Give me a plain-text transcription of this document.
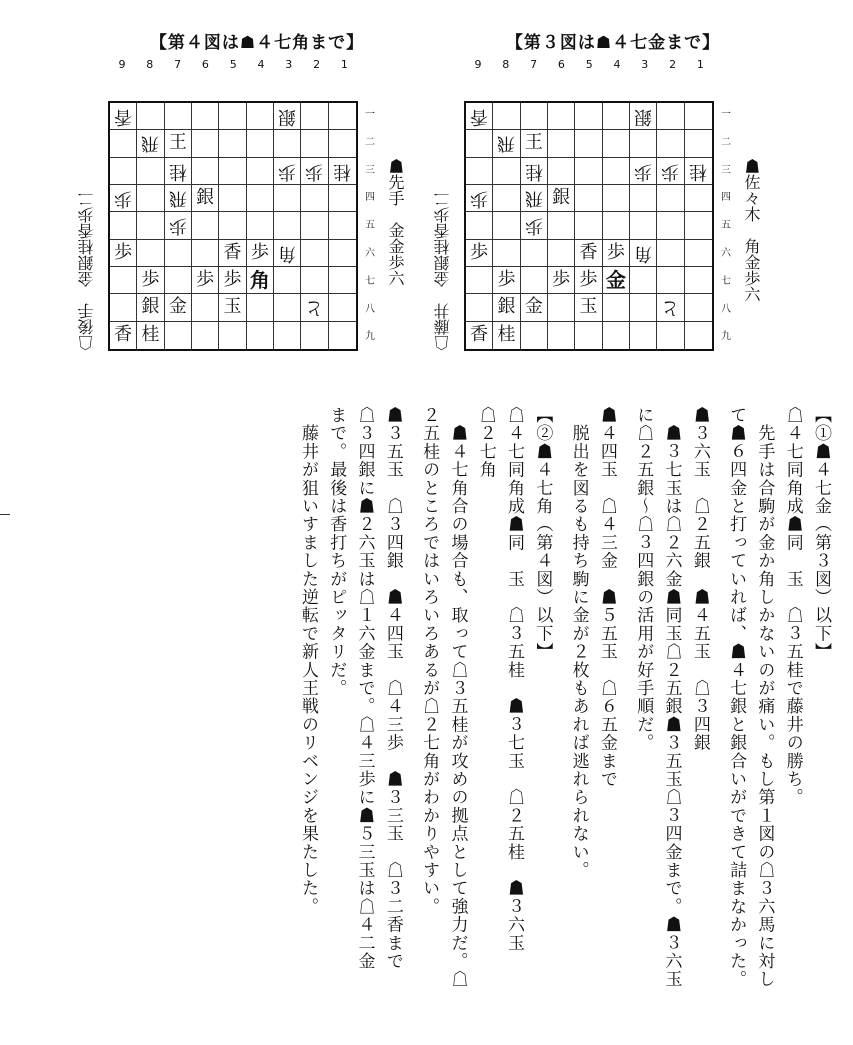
【第４図は☗４七角まで】
9	8	7	6	5	4	3	2	1
☖後手　金銀桂香歩二
香	銀
飛 王
桂	歩 歩 桂
歩 飛 銀
歩
歩	香 歩 角
歩 歩 歩 角
銀 金 玉	と
香 桂
一
二
三
四
五
六
七
八
九
☗先手　金金歩六
【第３図は☗４七金まで】
9	8	7	6	5	4	3	2	1
☖藤井　金銀桂香歩二
香	銀
飛 王
桂	歩 歩 桂
歩 飛 銀
歩
歩	香 歩 角
歩 歩 歩 金
銀 金 玉	と
香 桂
一
二
三
四
五
六
七
八
九
☗佐々木　角金歩六

【①☗４七金（第３図）以下】

☖４七同角成☗同　玉　☖３五桂で藤井の勝ち。

　先手は合駒が金か角しかないのが痛い。もし第１図の☖３六馬に対し

て☗６四金と打っていれば、☗４七銀と銀合いができて詰まなかった。

☗３六玉　☖２五銀　☗４五玉　☖３四銀

　☗３七玉は☖２六金☗同玉☖２五銀☗３五玉☖３四金まで。☗３六玉

に☖２五銀〜☖３四銀の活用が好手順だ。

☗４四玉　☖４三金　☗５五玉　☖６五金まで

　脱出を図るも持ち駒に金が２枚もあれば逃れられない。

【②☗４七角（第４図）以下】

☖４七同角成☗同　玉　☖３五桂　☗３七玉　☖２五桂　☗３六玉

☖２七角

　☗４七角合の場合も、取って☖３五桂が攻めの拠点として強力だ。☖

２五桂のところではいろいろあるが☖２七角がわかりやすい。

☗３五玉　☖３四銀　☗４四玉　☖４三歩　☗３三玉　☖３二香まで

☖３四銀に☗２六玉は☖１六金まで。☖４三歩に☗５三玉は☖４二金

まで。最後は香打ちがピッタリだ。

　藤井が狙いすました逆転で新人王戦のリベンジを果たした。
